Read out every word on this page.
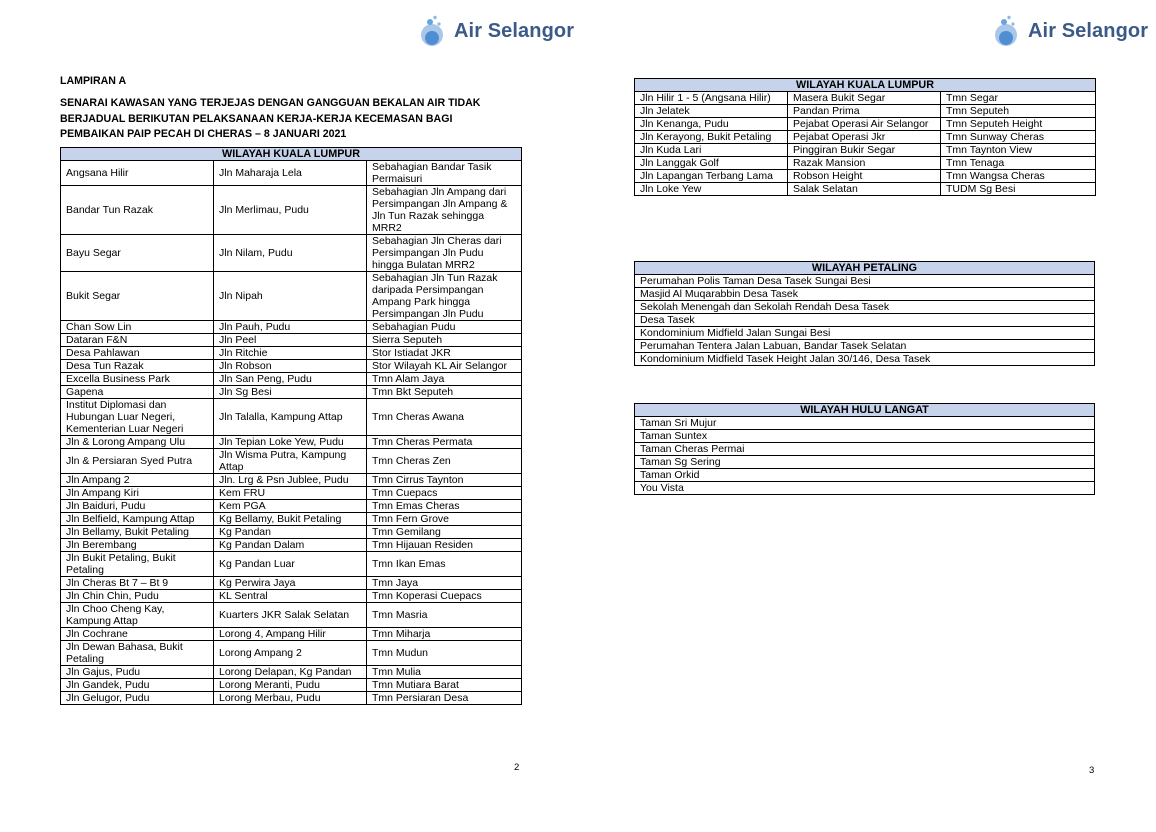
Air Selangor
LAMPIRAN A
SENARAI KAWASAN YANG TERJEJAS DENGAN GANGGUAN BEKALAN AIR TIDAK
BERJADUAL BERIKUTAN PELAKSANAAN KERJA-KERJA KECEMASAN BAGI
PEMBAIKAN PAIP PECAH DI CHERAS – 8 JANUARI 2021
WILAYAH KUALA LUMPUR		
Angsana Hilir	Jln Maharaja Lela	Sebahagian Bandar Tasik Permaisuri
Bandar Tun Razak	Jln Merlimau, Pudu	Sebahagian Jln Ampang dari Persimpangan Jln Ampang & Jln Tun Razak sehingga MRR2
Bayu Segar	Jln Nilam, Pudu	Sebahagian Jln Cheras dari Persimpangan Jln Pudu hingga Bulatan MRR2
Bukit Segar	Jln Nipah	Sebahagian Jln Tun Razak daripada Persimpangan Ampang Park hingga Persimpangan Jln Pudu
Chan Sow Lin	Jln Pauh, Pudu	Sebahagian Pudu
Dataran F&N	Jln Peel	Sierra Seputeh
Desa Pahlawan	Jln Ritchie	Stor Istiadat JKR
Desa Tun Razak	Jln Robson	Stor Wilayah KL Air Selangor
Excella Business Park	Jln San Peng, Pudu	Tmn Alam Jaya
Gapena	Jln Sg Besi	Tmn Bkt Seputeh
Institut Diplomasi dan Hubungan Luar Negeri, Kementerian Luar Negeri	Jln Talalla, Kampung Attap	Tmn Cheras Awana
Jln & Lorong Ampang Ulu	Jln Tepian Loke Yew, Pudu	Tmn Cheras Permata
Jln & Persiaran Syed Putra	Jln Wisma Putra, Kampung Attap	Tmn Cheras Zen
Jln Ampang 2	Jln. Lrg & Psn Jublee, Pudu	Tmn Cirrus Taynton
Jln Ampang Kiri	Kem FRU	Tmn Cuepacs
Jln Baiduri, Pudu	Kem PGA	Tmn Emas Cheras
Jln Belfield, Kampung Attap	Kg Bellamy, Bukit Petaling	Tmn Fern Grove
Jln Bellamy, Bukit Petaling	Kg Pandan	Tmn Gemilang
Jln Berembang	Kg Pandan Dalam	Tmn Hijauan Residen
Jln Bukit Petaling, Bukit Petaling	Kg Pandan Luar	Tmn Ikan Emas
Jln Cheras Bt 7 – Bt 9	Kg Perwira Jaya	Tmn Jaya
Jln Chin Chin, Pudu	KL Sentral	Tmn Koperasi Cuepacs
Jln Choo Cheng Kay, Kampung Attap	Kuarters JKR Salak Selatan	Tmn Masria
Jln Cochrane	Lorong 4, Ampang Hilir	Tmn Miharja
Jln Dewan Bahasa, Bukit Petaling	Lorong Ampang 2	Tmn Mudun
Jln Gajus, Pudu	Lorong Delapan, Kg Pandan	Tmn Mulia
Jln Gandek, Pudu	Lorong Meranti, Pudu	Tmn Mutiara Barat
Jln Gelugor, Pudu	Lorong Merbau, Pudu	Tmn Persiaran Desa
2
Air Selangor
WILAYAH KUALA LUMPUR		
Jln Hilir 1 - 5 (Angsana Hilir)	Masera Bukit Segar	Tmn Segar
Jln Jelatek	Pandan Prima	Tmn Seputeh
Jln Kenanga, Pudu	Pejabat Operasi Air Selangor	Tmn Seputeh Height
Jln Kerayong, Bukit Petaling	Pejabat Operasi Jkr	Tmn Sunway Cheras
Jln Kuda Lari	Pinggiran Bukir Segar	Tmn Taynton View
Jln Langgak Golf	Razak Mansion	Tmn Tenaga
Jln Lapangan Terbang Lama	Robson Height	Tmn Wangsa Cheras
Jln Loke Yew	Salak Selatan	TUDM Sg Besi
WILAYAH PETALING
Perumahan Polis Taman Desa Tasek Sungai Besi
Masjid Al Muqarabbin Desa Tasek
Sekolah Menengah dan Sekolah Rendah Desa Tasek
Desa Tasek
Kondominium Midfield Jalan Sungai Besi
Perumahan Tentera Jalan Labuan, Bandar Tasek Selatan
Kondominium Midfield Tasek Height Jalan 30/146, Desa Tasek
WILAYAH HULU LANGAT
Taman Sri Mujur
Taman Suntex
Taman Cheras Permai
Taman Sg Sering
Taman Orkid
You Vista
3
